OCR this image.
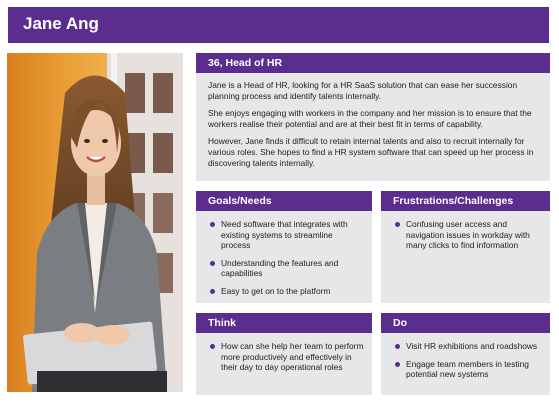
Jane Ang
36, Head of HR

Jane is a Head of HR, looking for a HR SaaS solution that can ease her succession planning process and identify talents internally.

She enjoys engaging with workers in the company and her mission is to ensure that the workers realise their potential and are at their best fit in terms of capability.

However, Jane finds it difficult to retain internal talents and also to recruit internally for various roles. She hopes to find a HR system software that can speed up her process in discovering talents internally.

Goals/Needs
Need software that integrates with existing systems to streamline process
Understanding the features and capabilities
Easy to get on to the platform
Frustrations/Challenges
Confusing user access and navigation issues in workday with many clicks to find information
Think
How can she help her team to perform more productively and effectively in their day to day operational roles
Do
Visit HR exhibitions and roadshows
Engage team members in testing potential new systems
